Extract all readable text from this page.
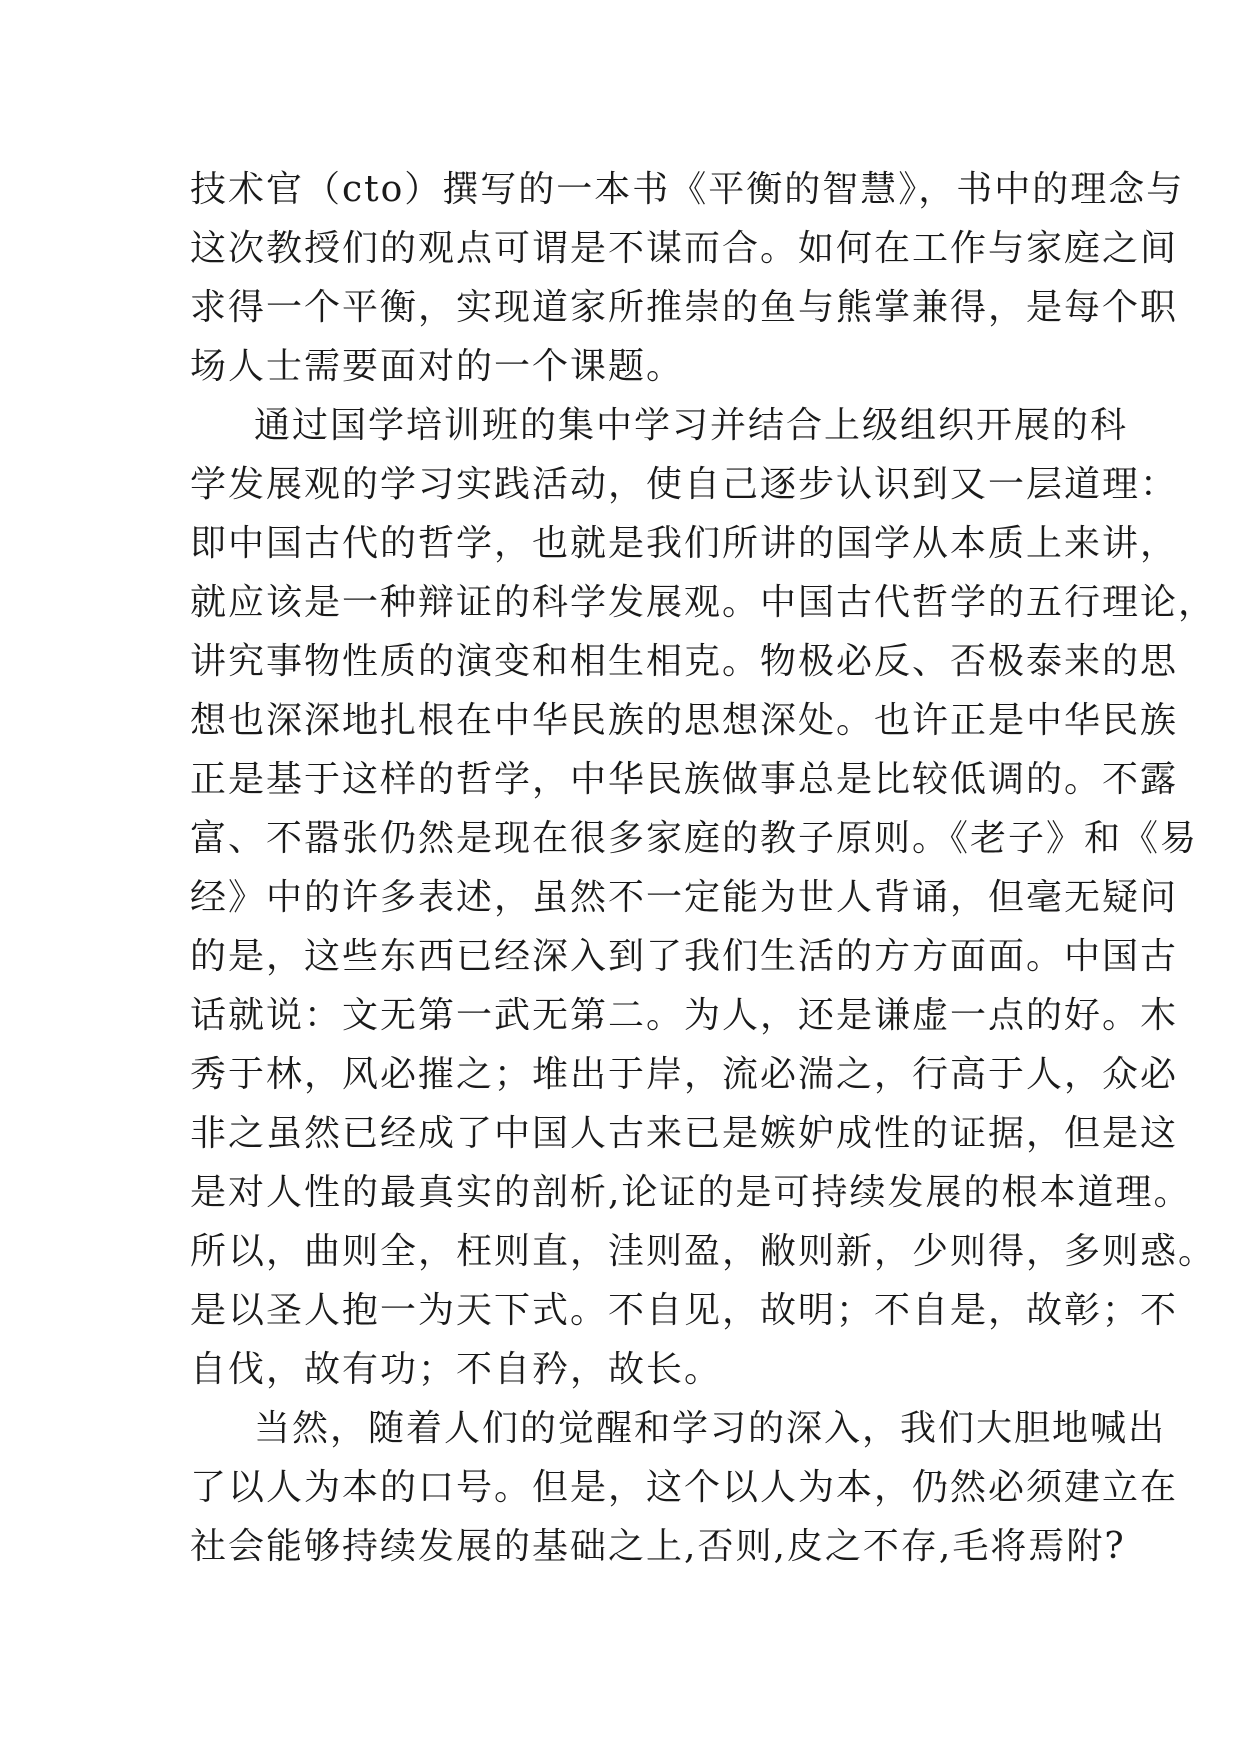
技术官（cto）撰写的一本书《平衡的智慧》，书中的理念与
这次教授们的观点可谓是不谋而合。如何在工作与家庭之间
求得一个平衡，实现道家所推崇的鱼与熊掌兼得，是每个职
场人士需要面对的一个课题。
通过国学培训班的集中学习并结合上级组织开展的科
学发展观的学习实践活动，使自己逐步认识到又一层道理：
即中国古代的哲学，也就是我们所讲的国学从本质上来讲，
就应该是一种辩证的科学发展观。中国古代哲学的五行理论，
讲究事物性质的演变和相生相克。物极必反、否极泰来的思
想也深深地扎根在中华民族的思想深处。也许正是中华民族
正是基于这样的哲学，中华民族做事总是比较低调的。不露
富、不嚣张仍然是现在很多家庭的教子原则。《老子》和《易
经》中的许多表述，虽然不一定能为世人背诵，但毫无疑问
的是，这些东西已经深入到了我们生活的方方面面。中国古
话就说：文无第一武无第二。为人，还是谦虚一点的好。木
秀于林，风必摧之；堆出于岸，流必湍之，行高于人，众必
非之虽然已经成了中国人古来已是嫉妒成性的证据，但是这
是对人性的最真实的剖析,论证的是可持续发展的根本道理。
所以，曲则全，枉则直，洼则盈，敝则新，少则得，多则惑。
是以圣人抱一为天下式。不自见，故明；不自是，故彰；不
自伐，故有功；不自矜，故长。
当然，随着人们的觉醒和学习的深入，我们大胆地喊出
了以人为本的口号。但是，这个以人为本，仍然必须建立在
社会能够持续发展的基础之上,否则,皮之不存,毛将焉附?
